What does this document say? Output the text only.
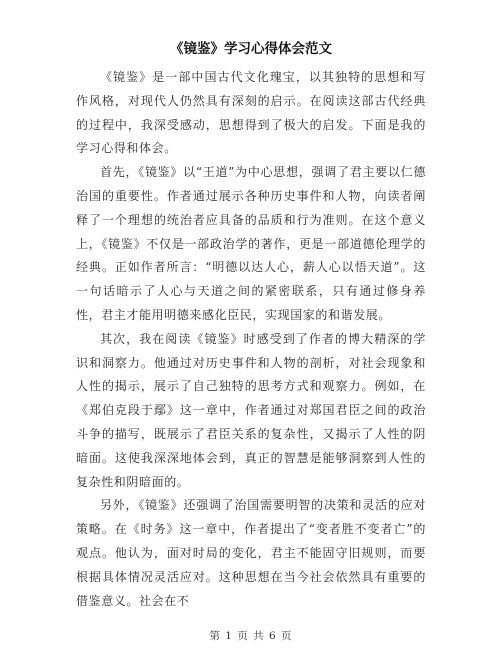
《镜鉴》学习心得体会范文

《镜鉴》是一部中国古代文化瑰宝，以其独特的思想和写作风格，对现代人仍然具有深刻的启示。在阅读这部古代经典的过程中，我深受感动，思想得到了极大的启发。下面是我的学习心得和体会。

首先，《镜鉴》以“王道”为中心思想，强调了君主要以仁德治国的重要性。作者通过展示各种历史事件和人物，向读者阐释了一个理想的统治者应具备的品质和行为准则。在这个意义上，《镜鉴》不仅是一部政治学的著作，更是一部道德伦理学的经典。正如作者所言：“明德以达人心，薪人心以悟天道”。这一句话暗示了人心与天道之间的紧密联系，只有通过修身养性，君主才能用明德来感化臣民，实现国家的和谐发展。

其次，我在阅读《镜鉴》时感受到了作者的博大精深的学识和洞察力。他通过对历史事件和人物的剖析，对社会现象和人性的揭示，展示了自己独特的思考方式和观察力。例如，在《郑伯克段于鄢》这一章中，作者通过对郑国君臣之间的政治斗争的描写，既展示了君臣关系的复杂性，又揭示了人性的阴暗面。这使我深深地体会到，真正的智慧是能够洞察到人性的复杂性和阴暗面的。

另外，《镜鉴》还强调了治国需要明智的决策和灵活的应对策略。在《时务》这一章中，作者提出了“变者胜不变者亡”的观点。他认为，面对时局的变化，君主不能固守旧规则，而要根据具体情况灵活应对。这种思想在当今社会依然具有重要的借鉴意义。社会在不

第 1 页 共 6 页
